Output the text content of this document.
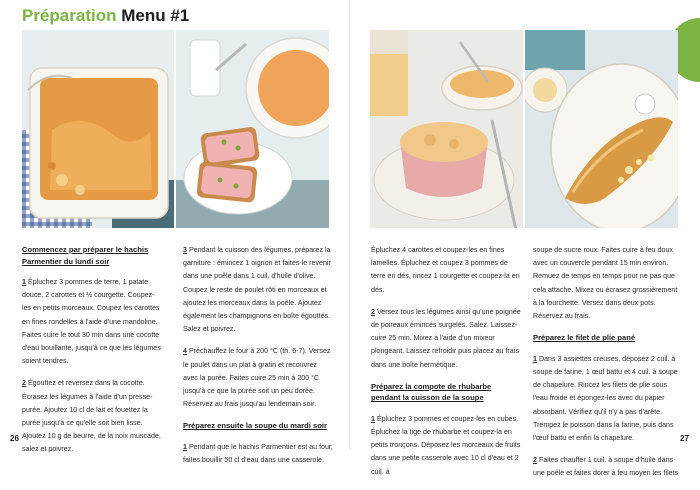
Préparation Menu #1
Commencez par préparer le hachis Parmentier du lundi soir

1 Épluchez 3 pommes de terre, 1 patate douce, 2 carottes et ½ courgette. Coupez-les en petits morceaux. Coupez les carottes en fines rondelles à l'aide d'une mandoline. Faites cuire le tout 30 min dans une cocotte d'eau bouillante, jusqu'à ce que les légumes soient tendres.

2 Égouttez et reversez dans la cocotte. Écrasez les légumes à l'aide d'un presse-purée. Ajoutez 10 cl de lait et fouettez la purée jusqu'à ce qu'elle soit bien lisse. Ajoutez 10 g de beurre, de la noix muscade, salez et poivrez.

3 Pendant la cuisson des légumes, préparez la garniture : émincez 1 oignon et faites-le revenir dans une poêle dans 1 cuil. d'huile d'olive. Coupez le reste de poulet rôti en morceaux et ajoutez les morceaux dans la poêle. Ajoutez également les champignons en boîte égouttés. Salez et poivrez.

4 Préchauffez le four à 200 °C (th. 6-7). Versez le poulet dans un plat à gratin et recouvrez avec la purée. Faites cuire 25 min à 200 °C jusqu'à ce que la purée soit un peu dorée. Réservez au frais jusqu'au lendemain soir.

Préparez ensuite la soupe du mardi soir

1 Pendant que le hachis Parmentier est au four, faites bouillir 50 cl d'eau dans une casserole.

Épluchez 4 carottes et coupez-les en fines lamelles. Épluchez et coupez 3 pommes de terre en dés, rincez 1 courgette et coupez-la en dés.

2 Versez tous les légumes ainsi qu'une poignée de poireaux émincés surgelés. Salez. Laissez-cuire 25 min. Mixez à l'aide d'un mixeur plongeant. Laissez refroidir puis placez au frais dans une boîte hermétique.

Préparez la compote de rhubarbe pendant la cuisson de la soupe

1 Épluchez 3 pommes et coupez-les en cubes. Épluchez la tige de rhubarbe et coupez-la en petits tronçons. Déposez les morceaux de fruits dans une petite casserole avec 10 cl d'eau et 2 cuil. à

soupe de sucre roux. Faites cuire à feu doux avec un couvercle pendant 15 min environ. Remuez de temps en temps pour ne pas que cela attache. Mixez ou écrasez grossièrement à la fourchette. Versez dans deux pots. Réservez au frais.

Préparez le filet de plie pané

1 Dans 3 assiettes creuses, déposez 2 cuil. à soupe de farine, 1 œuf battu et 4 cuil. à soupe de chapelure. Rincez les filets de plie sous l'eau froide et épongez-les avec du papier absorbant. Vérifiez qu'il n'y a pas d'arête. Trempez le poisson dans la farine, puis dans l'œuf battu et enfin la chapelure.

2 Faites chauffer 1 cuil. à soupe d'huile dans une poêle et faites dorer à feu moyen les filets

26	27
